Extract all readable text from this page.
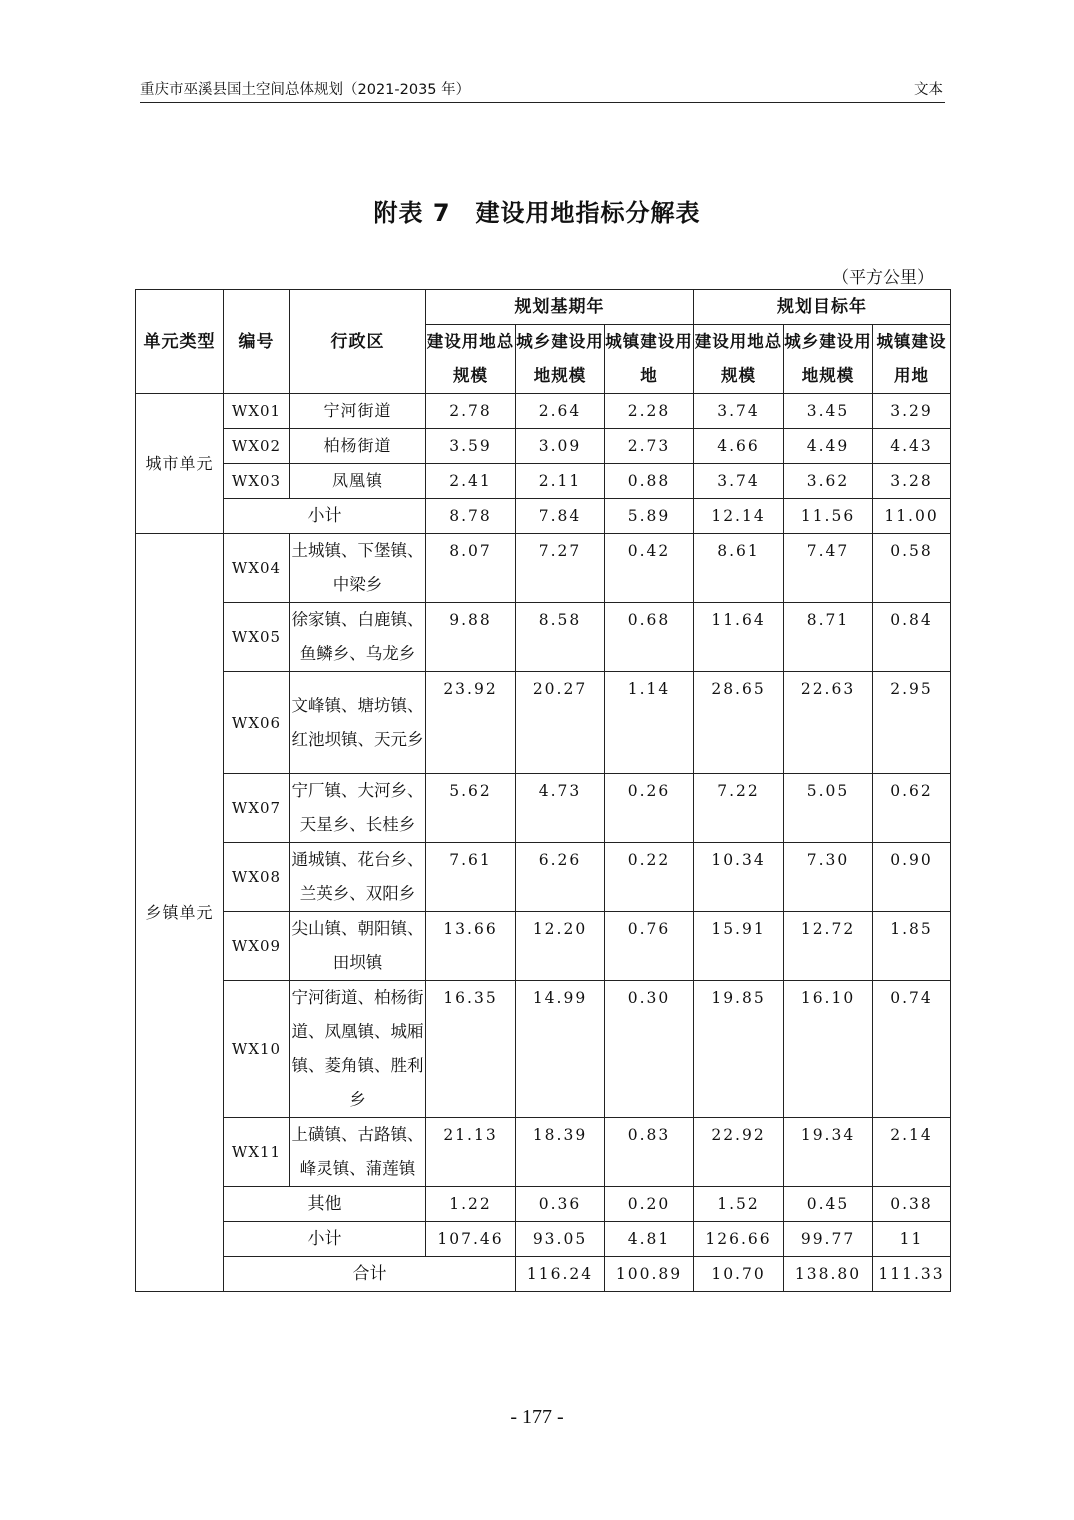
重庆市巫溪县国土空间总体规划（2021-2035 年）	文本
附表 7　建设用地指标分解表
（平方公里）
单元类型	编号	行政区	规划基期年			规划目标年			
			建设用地总规模	城乡建设用地规模	城镇建设用地	建设用地总规模	城乡建设用地规模	城镇建设用地	

城市单元	WX01	宁河街道	2.78	2.64	2.28	3.74	3.45	3.29	
	WX02	柏杨街道	3.59	3.09	2.73	4.66	4.49	4.43	
	WX03	凤凰镇	2.41	2.11	0.88	3.74	3.62	3.28	
	小计		8.78	7.84	5.89	12.14	11.56	11.00	
乡镇单元	WX04	土城镇、下堡镇、中梁乡	8.07	7.27	0.42	8.61	7.47	0.58	
	WX05	徐家镇、白鹿镇、鱼鳞乡、乌龙乡	9.88	8.58	0.68	11.64	8.71	0.84	
	WX06	文峰镇、塘坊镇、红池坝镇、天元乡	23.92	20.27	1.14	28.65	22.63	2.95	
	WX07	宁厂镇、大河乡、天星乡、长桂乡	5.62	4.73	0.26	7.22	5.05	0.62	
	WX08	通城镇、花台乡、兰英乡、双阳乡	7.61	6.26	0.22	10.34	7.30	0.90	
	WX09	尖山镇、朝阳镇、田坝镇	13.66	12.20	0.76	15.91	12.72	1.85	
	WX10	宁河街道、柏杨街道、凤凰镇、城厢镇、菱角镇、胜利乡	16.35	14.99	0.30	19.85	16.10	0.74	
	WX11	上磺镇、古路镇、峰灵镇、蒲莲镇	21.13	18.39	0.83	22.92	19.34	2.14	
	其他		1.22	0.36	0.20	1.52	0.45	0.38	
	小计		107.46	93.05	4.81	126.66	99.77	11	
	合计			116.24	100.89	10.70	138.80	111.33	
- 177 -
